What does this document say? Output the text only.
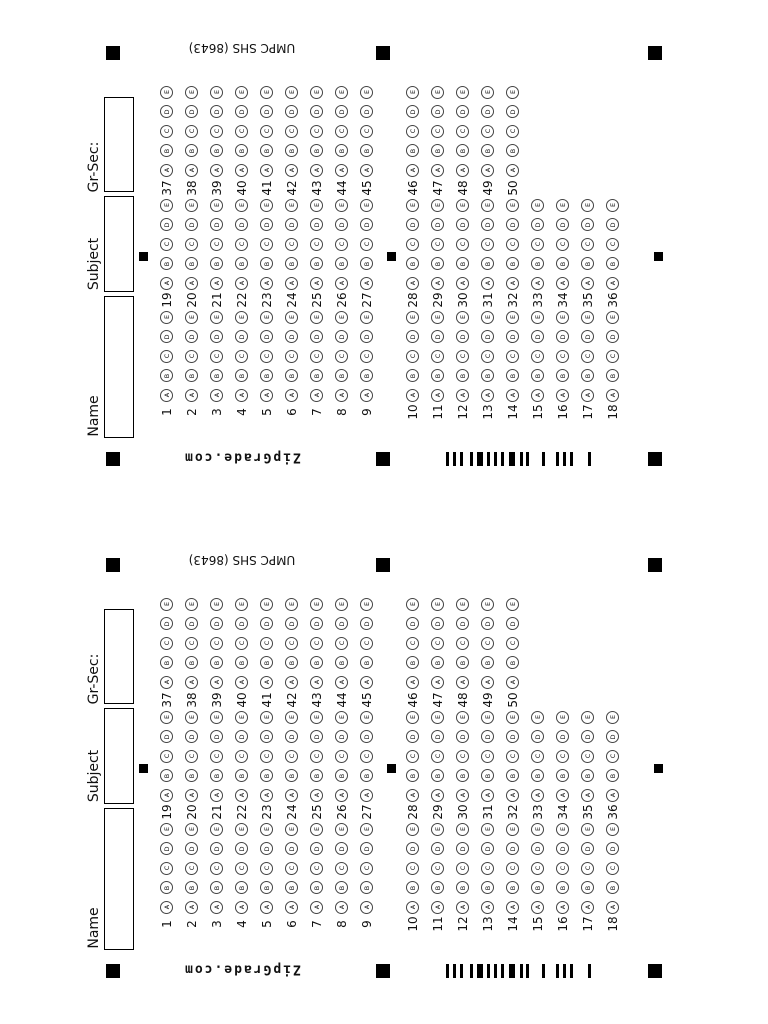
Name
Subject
Gr-Sec:
ZipGrade.com
UMPC SHS (8643)
1
A
B
C
D
E
2
A
B
C
D
E
3
A
B
C
D
E
4
A
B
C
D
E
5
A
B
C
D
E
6
A
B
C
D
E
7
A
B
C
D
E
8
A
B
C
D
E
9
A
B
C
D
E
10
A
B
C
D
E
11
A
B
C
D
E
12
A
B
C
D
E
13
A
B
C
D
E
14
A
B
C
D
E
15
A
B
C
D
E
16
A
B
C
D
E
17
A
B
C
D
E
18
A
B
C
D
E
19
A
B
C
D
E
20
A
B
C
D
E
21
A
B
C
D
E
22
A
B
C
D
E
23
A
B
C
D
E
24
A
B
C
D
E
25
A
B
C
D
E
26
A
B
C
D
E
27
A
B
C
D
E
28
A
B
C
D
E
29
A
B
C
D
E
30
A
B
C
D
E
31
A
B
C
D
E
32
A
B
C
D
E
33
A
B
C
D
E
34
A
B
C
D
E
35
A
B
C
D
E
36
A
B
C
D
E
37
A
B
C
D
E
38
A
B
C
D
E
39
A
B
C
D
E
40
A
B
C
D
E
41
A
B
C
D
E
42
A
B
C
D
E
43
A
B
C
D
E
44
A
B
C
D
E
45
A
B
C
D
E
46
A
B
C
D
E
47
A
B
C
D
E
48
A
B
C
D
E
49
A
B
C
D
E
50
A
B
C
D
E
Name
Subject
Gr-Sec:
ZipGrade.com
UMPC SHS (8643)
1
A
B
C
D
E
2
A
B
C
D
E
3
A
B
C
D
E
4
A
B
C
D
E
5
A
B
C
D
E
6
A
B
C
D
E
7
A
B
C
D
E
8
A
B
C
D
E
9
A
B
C
D
E
10
A
B
C
D
E
11
A
B
C
D
E
12
A
B
C
D
E
13
A
B
C
D
E
14
A
B
C
D
E
15
A
B
C
D
E
16
A
B
C
D
E
17
A
B
C
D
E
18
A
B
C
D
E
19
A
B
C
D
E
20
A
B
C
D
E
21
A
B
C
D
E
22
A
B
C
D
E
23
A
B
C
D
E
24
A
B
C
D
E
25
A
B
C
D
E
26
A
B
C
D
E
27
A
B
C
D
E
28
A
B
C
D
E
29
A
B
C
D
E
30
A
B
C
D
E
31
A
B
C
D
E
32
A
B
C
D
E
33
A
B
C
D
E
34
A
B
C
D
E
35
A
B
C
D
E
36
A
B
C
D
E
37
A
B
C
D
E
38
A
B
C
D
E
39
A
B
C
D
E
40
A
B
C
D
E
41
A
B
C
D
E
42
A
B
C
D
E
43
A
B
C
D
E
44
A
B
C
D
E
45
A
B
C
D
E
46
A
B
C
D
E
47
A
B
C
D
E
48
A
B
C
D
E
49
A
B
C
D
E
50
A
B
C
D
E
